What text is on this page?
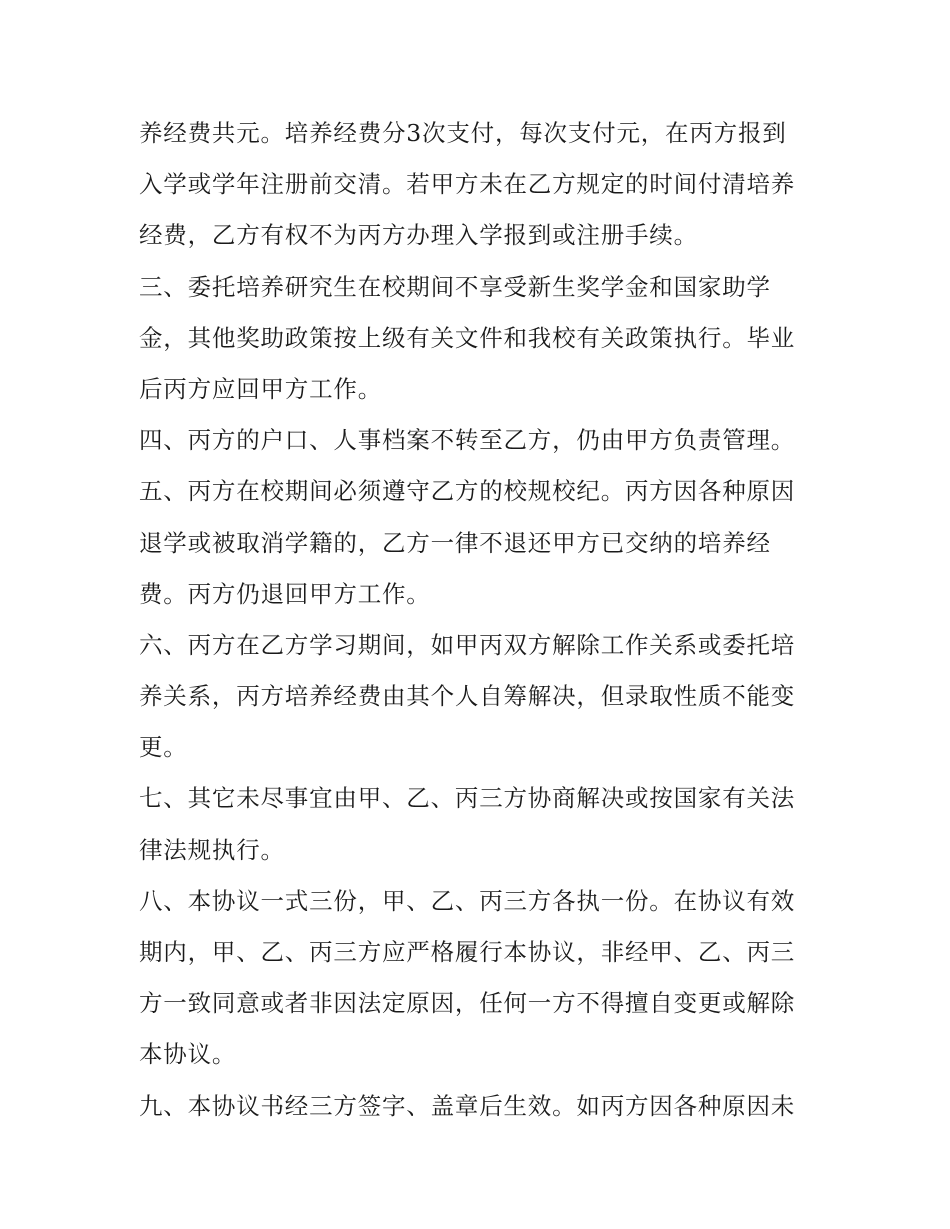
养经费共元。培养经费分3次支付，每次支付元，在丙方报到
入学或学年注册前交清。若甲方未在乙方规定的时间付清培养
经费，乙方有权不为丙方办理入学报到或注册手续。

三、委托培养研究生在校期间不享受新生奖学金和国家助学
金，其他奖助政策按上级有关文件和我校有关政策执行。毕业
后丙方应回甲方工作。

四、丙方的户口、人事档案不转至乙方，仍由甲方负责管理。

五、丙方在校期间必须遵守乙方的校规校纪。丙方因各种原因
退学或被取消学籍的，乙方一律不退还甲方已交纳的培养经
费。丙方仍退回甲方工作。

六、丙方在乙方学习期间，如甲丙双方解除工作关系或委托培
养关系，丙方培养经费由其个人自筹解决，但录取性质不能变
更。

七、其它未尽事宜由甲、乙、丙三方协商解决或按国家有关法
律法规执行。

八、本协议一式三份，甲、乙、丙三方各执一份。在协议有效
期内，甲、乙、丙三方应严格履行本协议，非经甲、乙、丙三
方一致同意或者非因法定原因，任何一方不得擅自变更或解除
本协议。

九、本协议书经三方签字、盖章后生效。如丙方因各种原因未
